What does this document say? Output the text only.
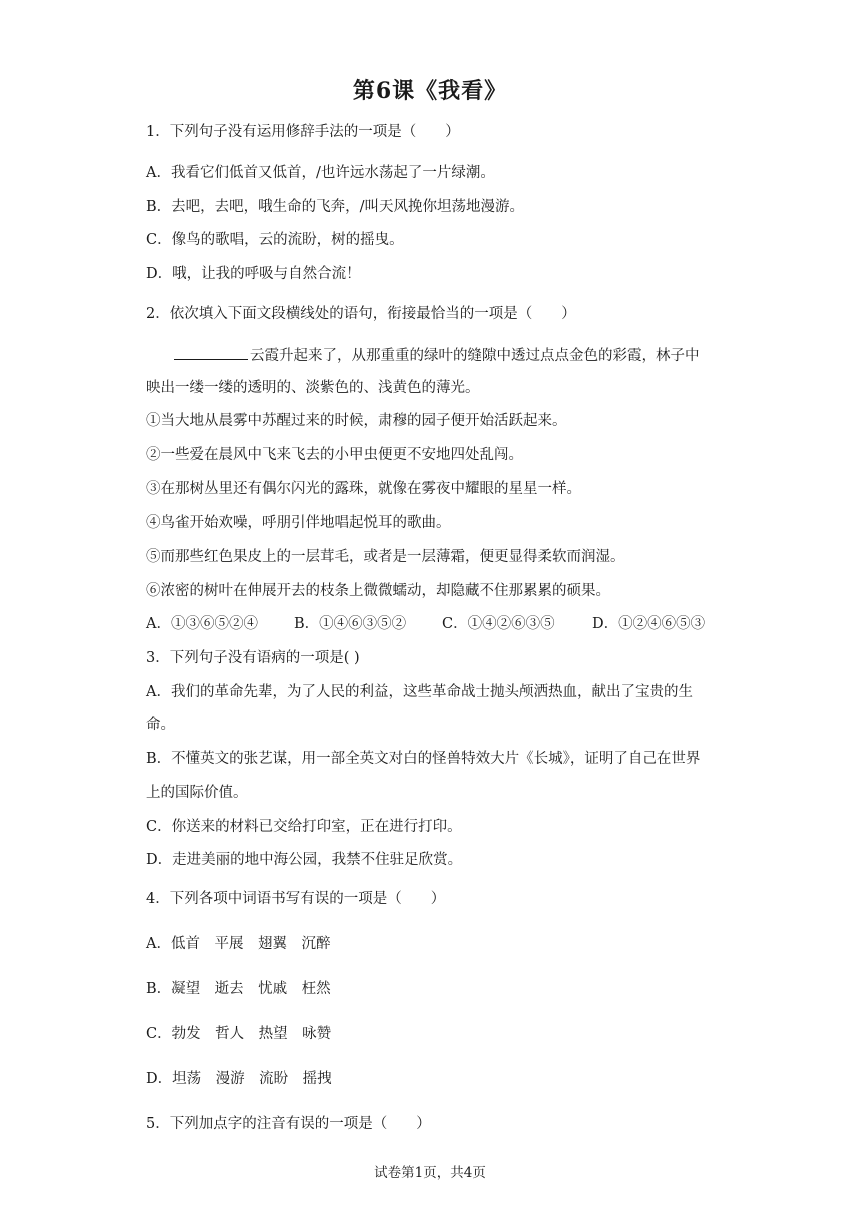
第6课《我看》
1．下列句子没有运用修辞手法的一项是（　　）
A．我看它们低首又低首，/也许远水荡起了一片绿潮。
B．去吧，去吧，哦生命的飞奔，/叫天风挽你坦荡地漫游。
C．像鸟的歌唱，云的流盼，树的摇曳。
D．哦，让我的呼吸与自然合流！
2．依次填入下面文段横线处的语句，衔接最恰当的一项是（　　）
云霞升起来了，从那重重的绿叶的缝隙中透过点点金色的彩霞，林子中
映出一缕一缕的透明的、淡紫色的、浅黄色的薄光。
①当大地从晨雾中苏醒过来的时候，肃穆的园子便开始活跃起来。
②一些爱在晨风中飞来飞去的小甲虫便更不安地四处乱闯。
③在那树丛里还有偶尔闪光的露珠，就像在雾夜中耀眼的星星一样。
④鸟雀开始欢噪，呼朋引伴地唱起悦耳的歌曲。
⑤而那些红色果皮上的一层茸毛，或者是一层薄霜，便更显得柔软而润湿。
⑥浓密的树叶在伸展开去的枝条上微微蠕动，却隐藏不住那累累的硕果。
A．①③⑥⑤②④ B．①④⑥③⑤② C．①④②⑥③⑤	D．①②④⑥⑤③
3．下列句子没有语病的一项是( )
A．我们的革命先辈，为了人民的利益，这些革命战士抛头颅洒热血，献出了宝贵的生
命。
B．不懂英文的张艺谋，用一部全英文对白的怪兽特效大片《长城》，证明了自己在世界
上的国际价值。
C．你送来的材料已交给打印室，正在进行打印。
D．走进美丽的地中海公园，我禁不住驻足欣赏。
4．下列各项中词语书写有误的一项是（　　）
A．低首　平展　翅翼　沉醉
B．凝望　逝去　忧戚　枉然
C．勃发　哲人　热望　咏赞
D．坦荡　漫游　流盼　摇拽
5．下列加点字的注音有误的一项是（　　）
试卷第1页，共4页
